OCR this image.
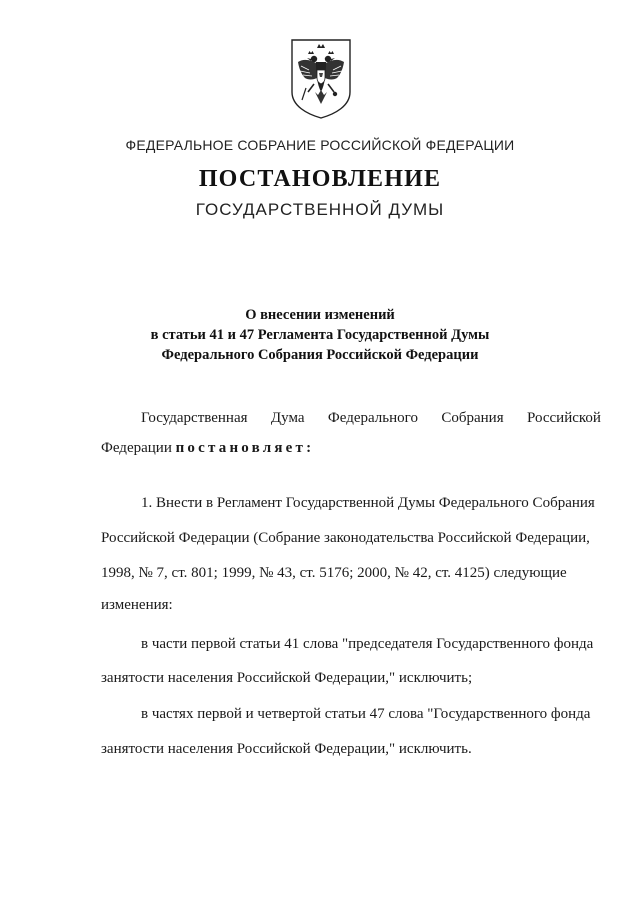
ФЕДЕРАЛЬНОЕ СОБРАНИЕ РОССИЙСКОЙ ФЕДЕРАЦИИ
ПОСТАНОВЛЕНИЕ
ГОСУДАРСТВЕННОЙ ДУМЫ
О внесении изменений
в статьи 41 и 47 Регламента Государственной Думы
Федерального Собрания Российской Федерации
Государственная Дума Федерального Собрания Российской
Федерации постановляет:
1. Внести в Регламент Государственной Думы Федерального Собрания
Российской Федерации (Собрание законодательства Российской Федерации,
1998, № 7, ст. 801; 1999, № 43, ст. 5176; 2000, № 42, ст. 4125) следующие
изменения:
в части первой статьи 41 слова "председателя Государственного фонда
занятости населения Российской Федерации," исключить;
в частях первой и четвертой статьи 47 слова "Государственного фонда
занятости населения Российской Федерации," исключить.
